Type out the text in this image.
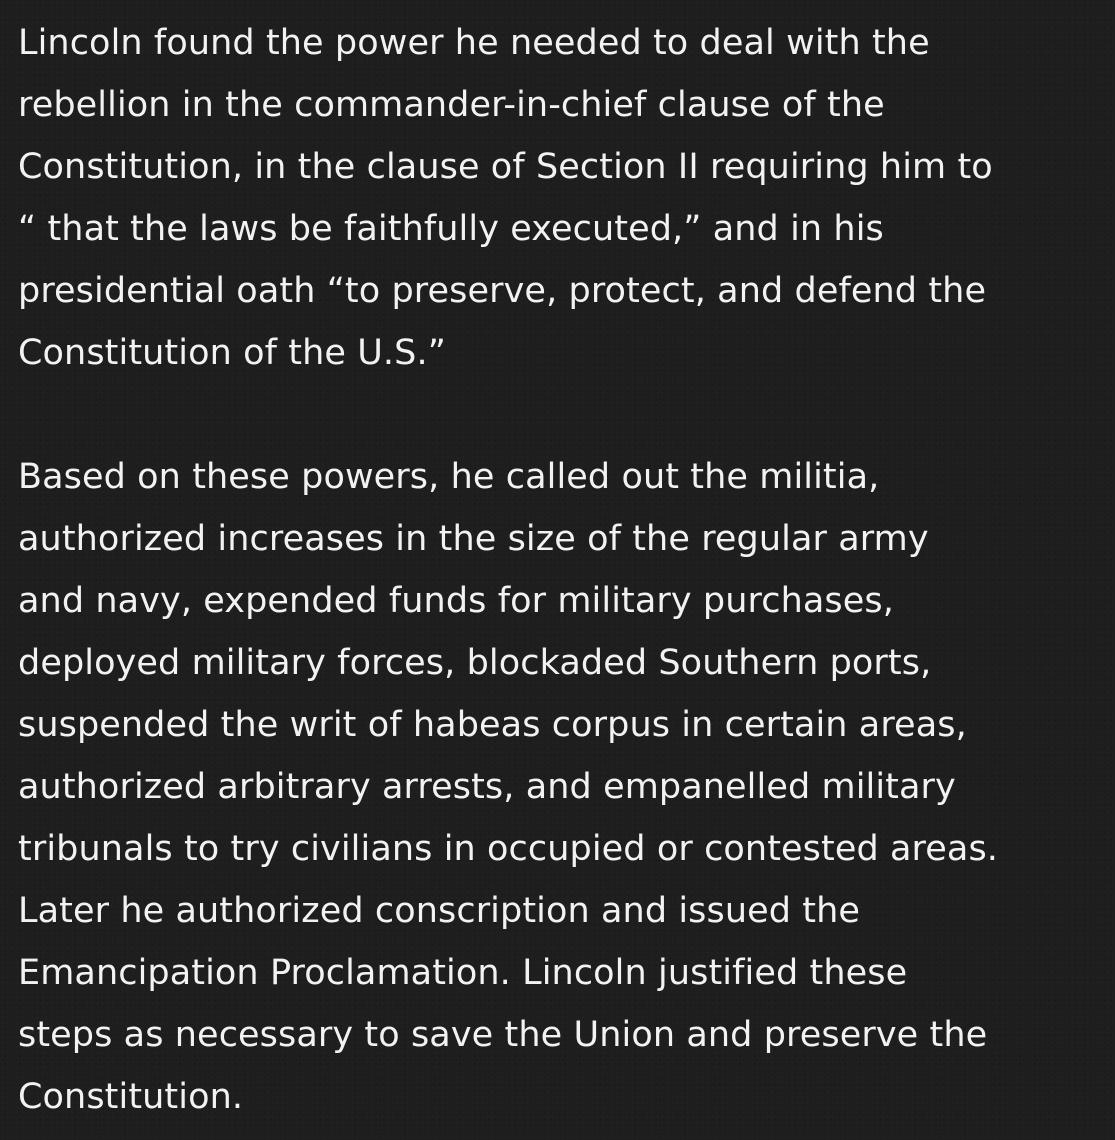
Lincoln found the power he needed to deal with the
rebellion in the commander-in-chief clause of the
Constitution, in the clause of Section II requiring him to
“ that the laws be faithfully executed,” and in his
presidential oath “to preserve, protect, and defend the
Constitution of the U.S.”
Based on these powers, he called out the militia,
authorized increases in the size of the regular army
and navy, expended funds for military purchases,
deployed military forces, blockaded Southern ports,
suspended the writ of habeas corpus in certain areas,
authorized arbitrary arrests, and empanelled military
tribunals to try civilians in occupied or contested areas.
Later he authorized conscription and issued the
Emancipation Proclamation. Lincoln justified these
steps as necessary to save the Union and preserve the
Constitution.
